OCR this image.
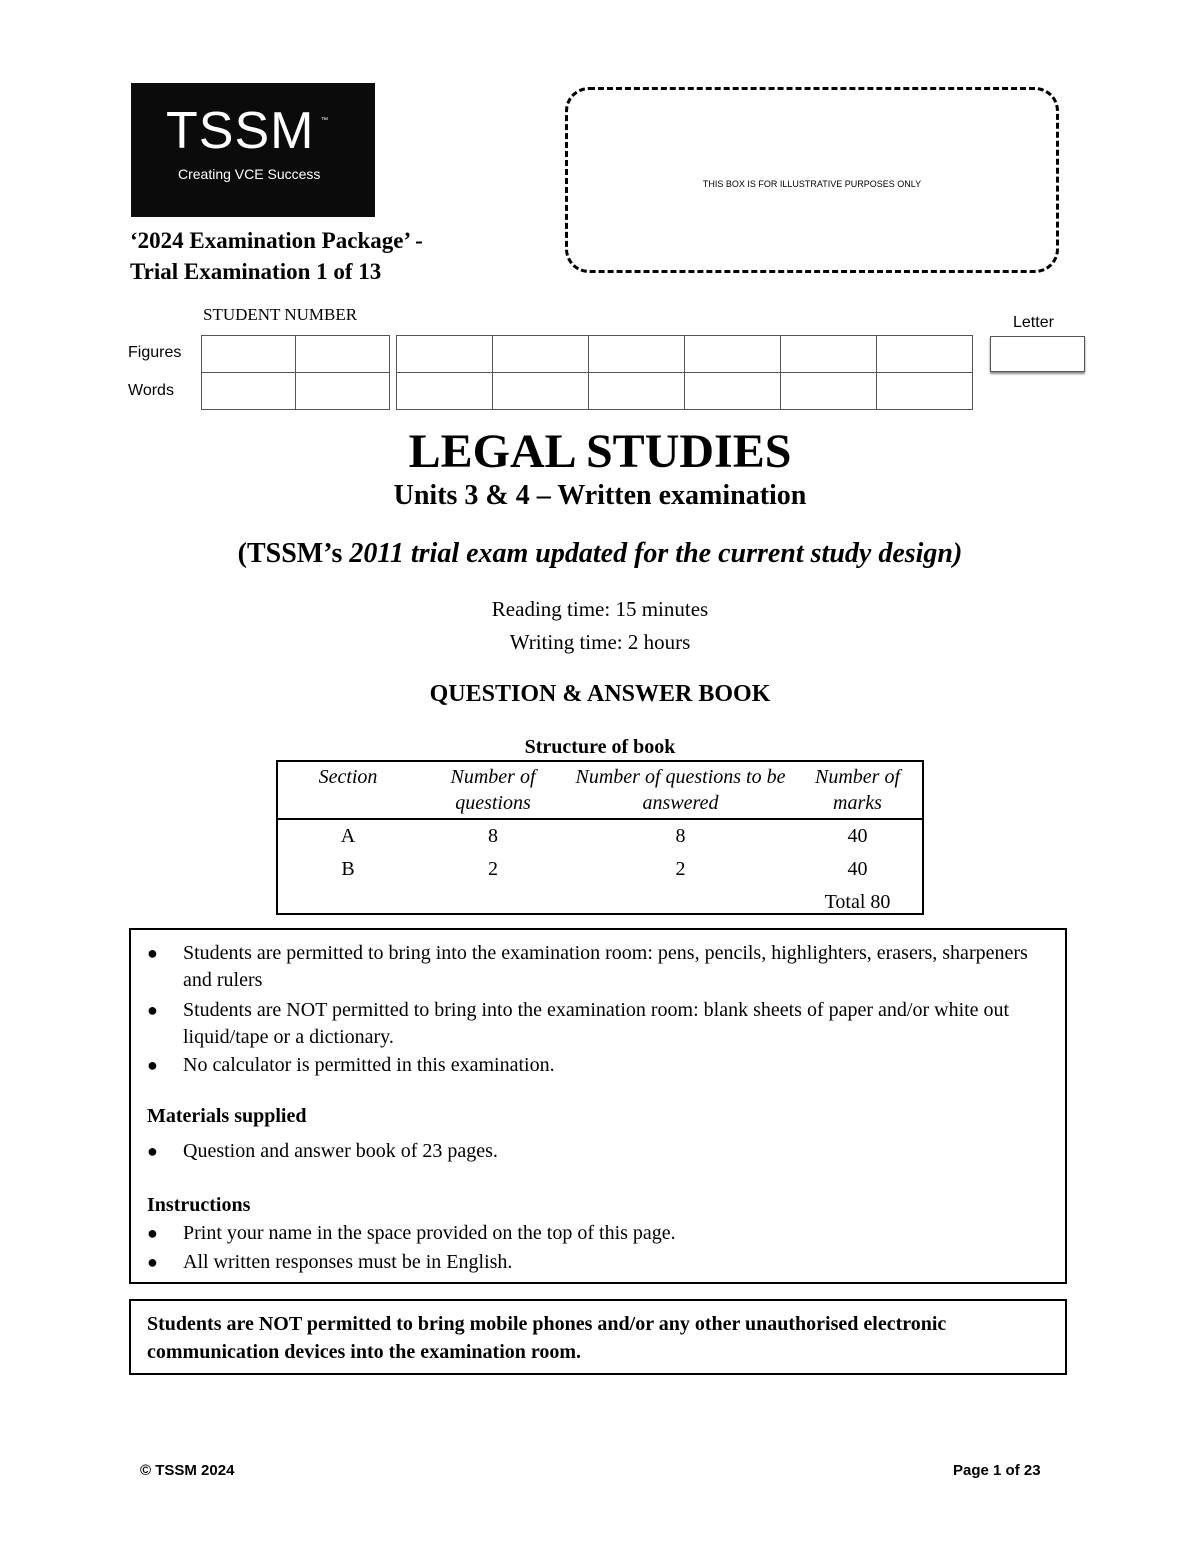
TSSM ™
Creating VCE Success
‘2024 Examination Package’ -
Trial Examination 1 of 13
THIS BOX IS FOR ILLUSTRATIVE PURPOSES ONLY
STUDENT NUMBER
Figures
Words
Letter

LEGAL STUDIES
Units 3 & 4 – Written examination
(TSSM’s 2011 trial exam updated for the current study design)
Reading time: 15 minutes
Writing time: 2 hours
QUESTION & ANSWER BOOK
Structure of book
Section	Number of questions	Number of questions to be answered	Number of marks
A	8	8	40
B	2	2	40
			Total 80
●	Students are permitted to bring into the examination room: pens, pencils, highlighters, erasers, sharpeners and rulers
●	Students are NOT permitted to bring into the examination room: blank sheets of paper and/or white out liquid/tape or a dictionary.
●	No calculator is permitted in this examination.
Materials supplied
●	Question and answer book of 23 pages.
Instructions
●	Print your name in the space provided on the top of this page.
●	All written responses must be in English.
Students are NOT permitted to bring mobile phones and/or any other unauthorised electronic communication devices into the examination room.
© TSSM 2024	Page 1 of 23
